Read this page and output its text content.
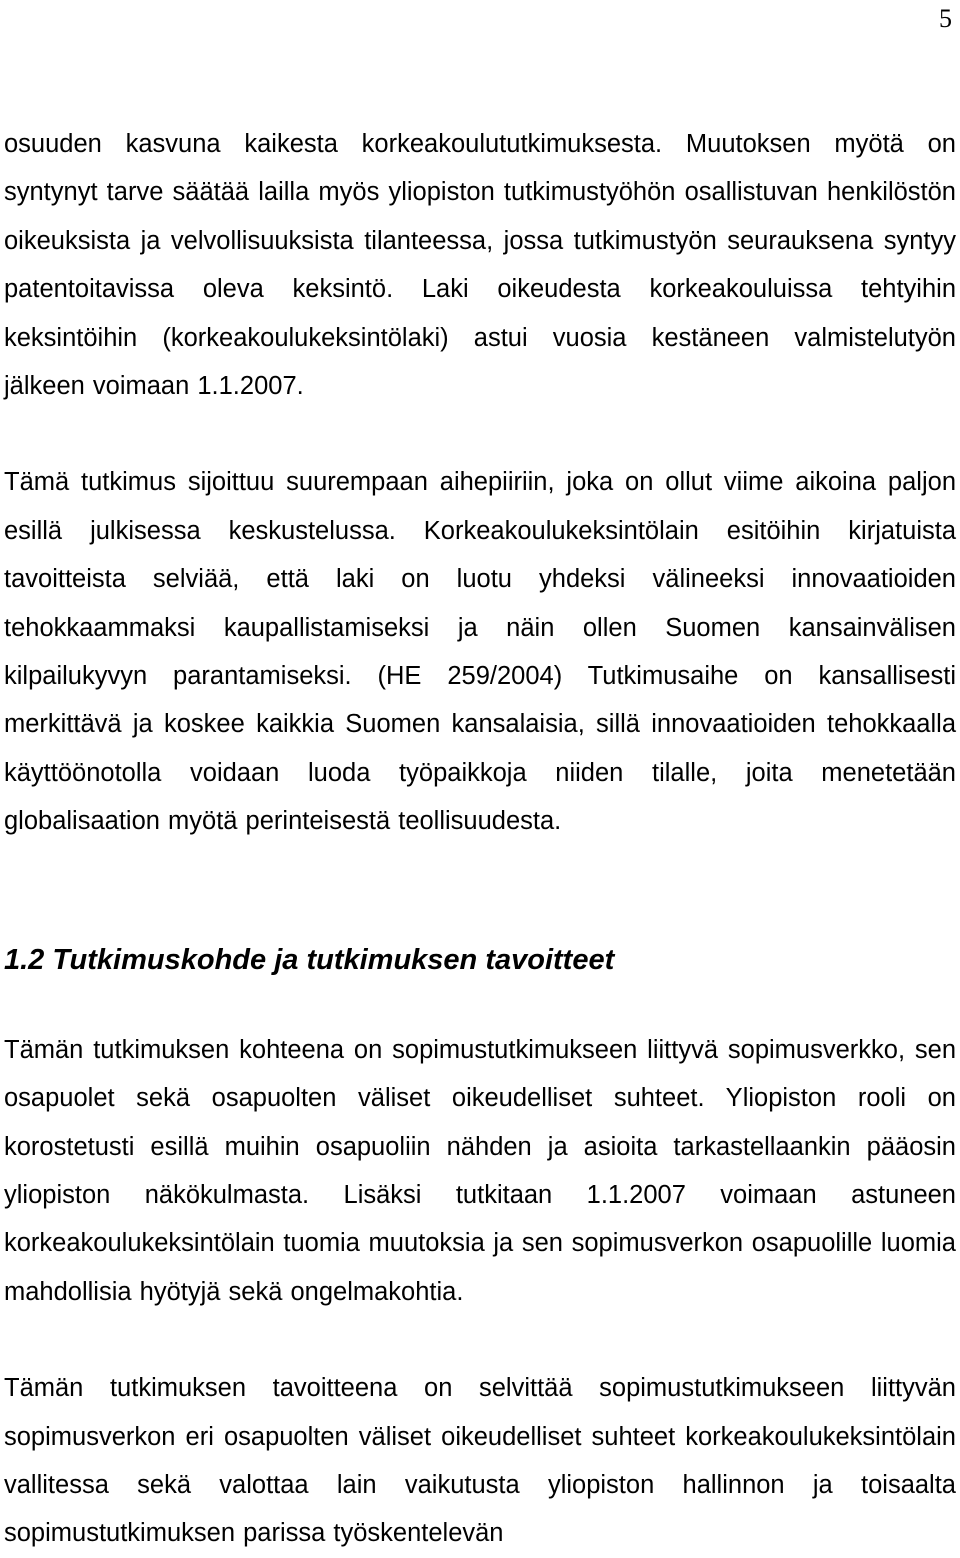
5

osuuden kasvuna kaikesta korkeakoulututkimuksesta. Muutoksen myötä on syntynyt tarve säätää lailla myös yliopiston tutkimustyöhön osallistuvan henkilöstön oikeuksista ja velvollisuuksista tilanteessa, jossa tutkimustyön seurauksena syntyy patentoitavissa oleva keksintö. Laki oikeudesta korkeakouluissa tehtyihin keksintöihin (korkeakoulukeksintölaki) astui vuosia kestäneen valmistelutyön jälkeen voimaan 1.1.2007.

Tämä tutkimus sijoittuu suurempaan aihepiiriin, joka on ollut viime aikoina paljon esillä julkisessa keskustelussa. Korkeakoulukeksintölain esitöihin kirjatuista tavoitteista selviää, että laki on luotu yhdeksi välineeksi innovaatioiden tehokkaammaksi kaupallistamiseksi ja näin ollen Suomen kansainvälisen kilpailukyvyn parantamiseksi. (HE 259/2004) Tutkimusaihe on kansallisesti merkittävä ja koskee kaikkia Suomen kansalaisia, sillä innovaatioiden tehokkaalla käyttöönotolla voidaan luoda työpaikkoja niiden tilalle, joita menetetään globalisaation myötä perinteisestä teollisuudesta.

1.2 Tutkimuskohde ja tutkimuksen tavoitteet

Tämän tutkimuksen kohteena on sopimustutkimukseen liittyvä sopimusverkko, sen osapuolet sekä osapuolten väliset oikeudelliset suhteet. Yliopiston rooli on korostetusti esillä muihin osapuoliin nähden ja asioita tarkastellaankin pääosin yliopiston näkökulmasta. Lisäksi tutkitaan 1.1.2007 voimaan astuneen korkeakoulukeksintölain tuomia muutoksia ja sen sopimusverkon osapuolille luomia mahdollisia hyötyjä sekä ongelmakohtia.

Tämän tutkimuksen tavoitteena on selvittää sopimustutkimukseen liittyvän sopimusverkon eri osapuolten väliset oikeudelliset suhteet korkeakoulukeksintölain vallitessa sekä valottaa lain vaikutusta yliopiston hallinnon ja toisaalta sopimustutkimuksen parissa työskentelevän
